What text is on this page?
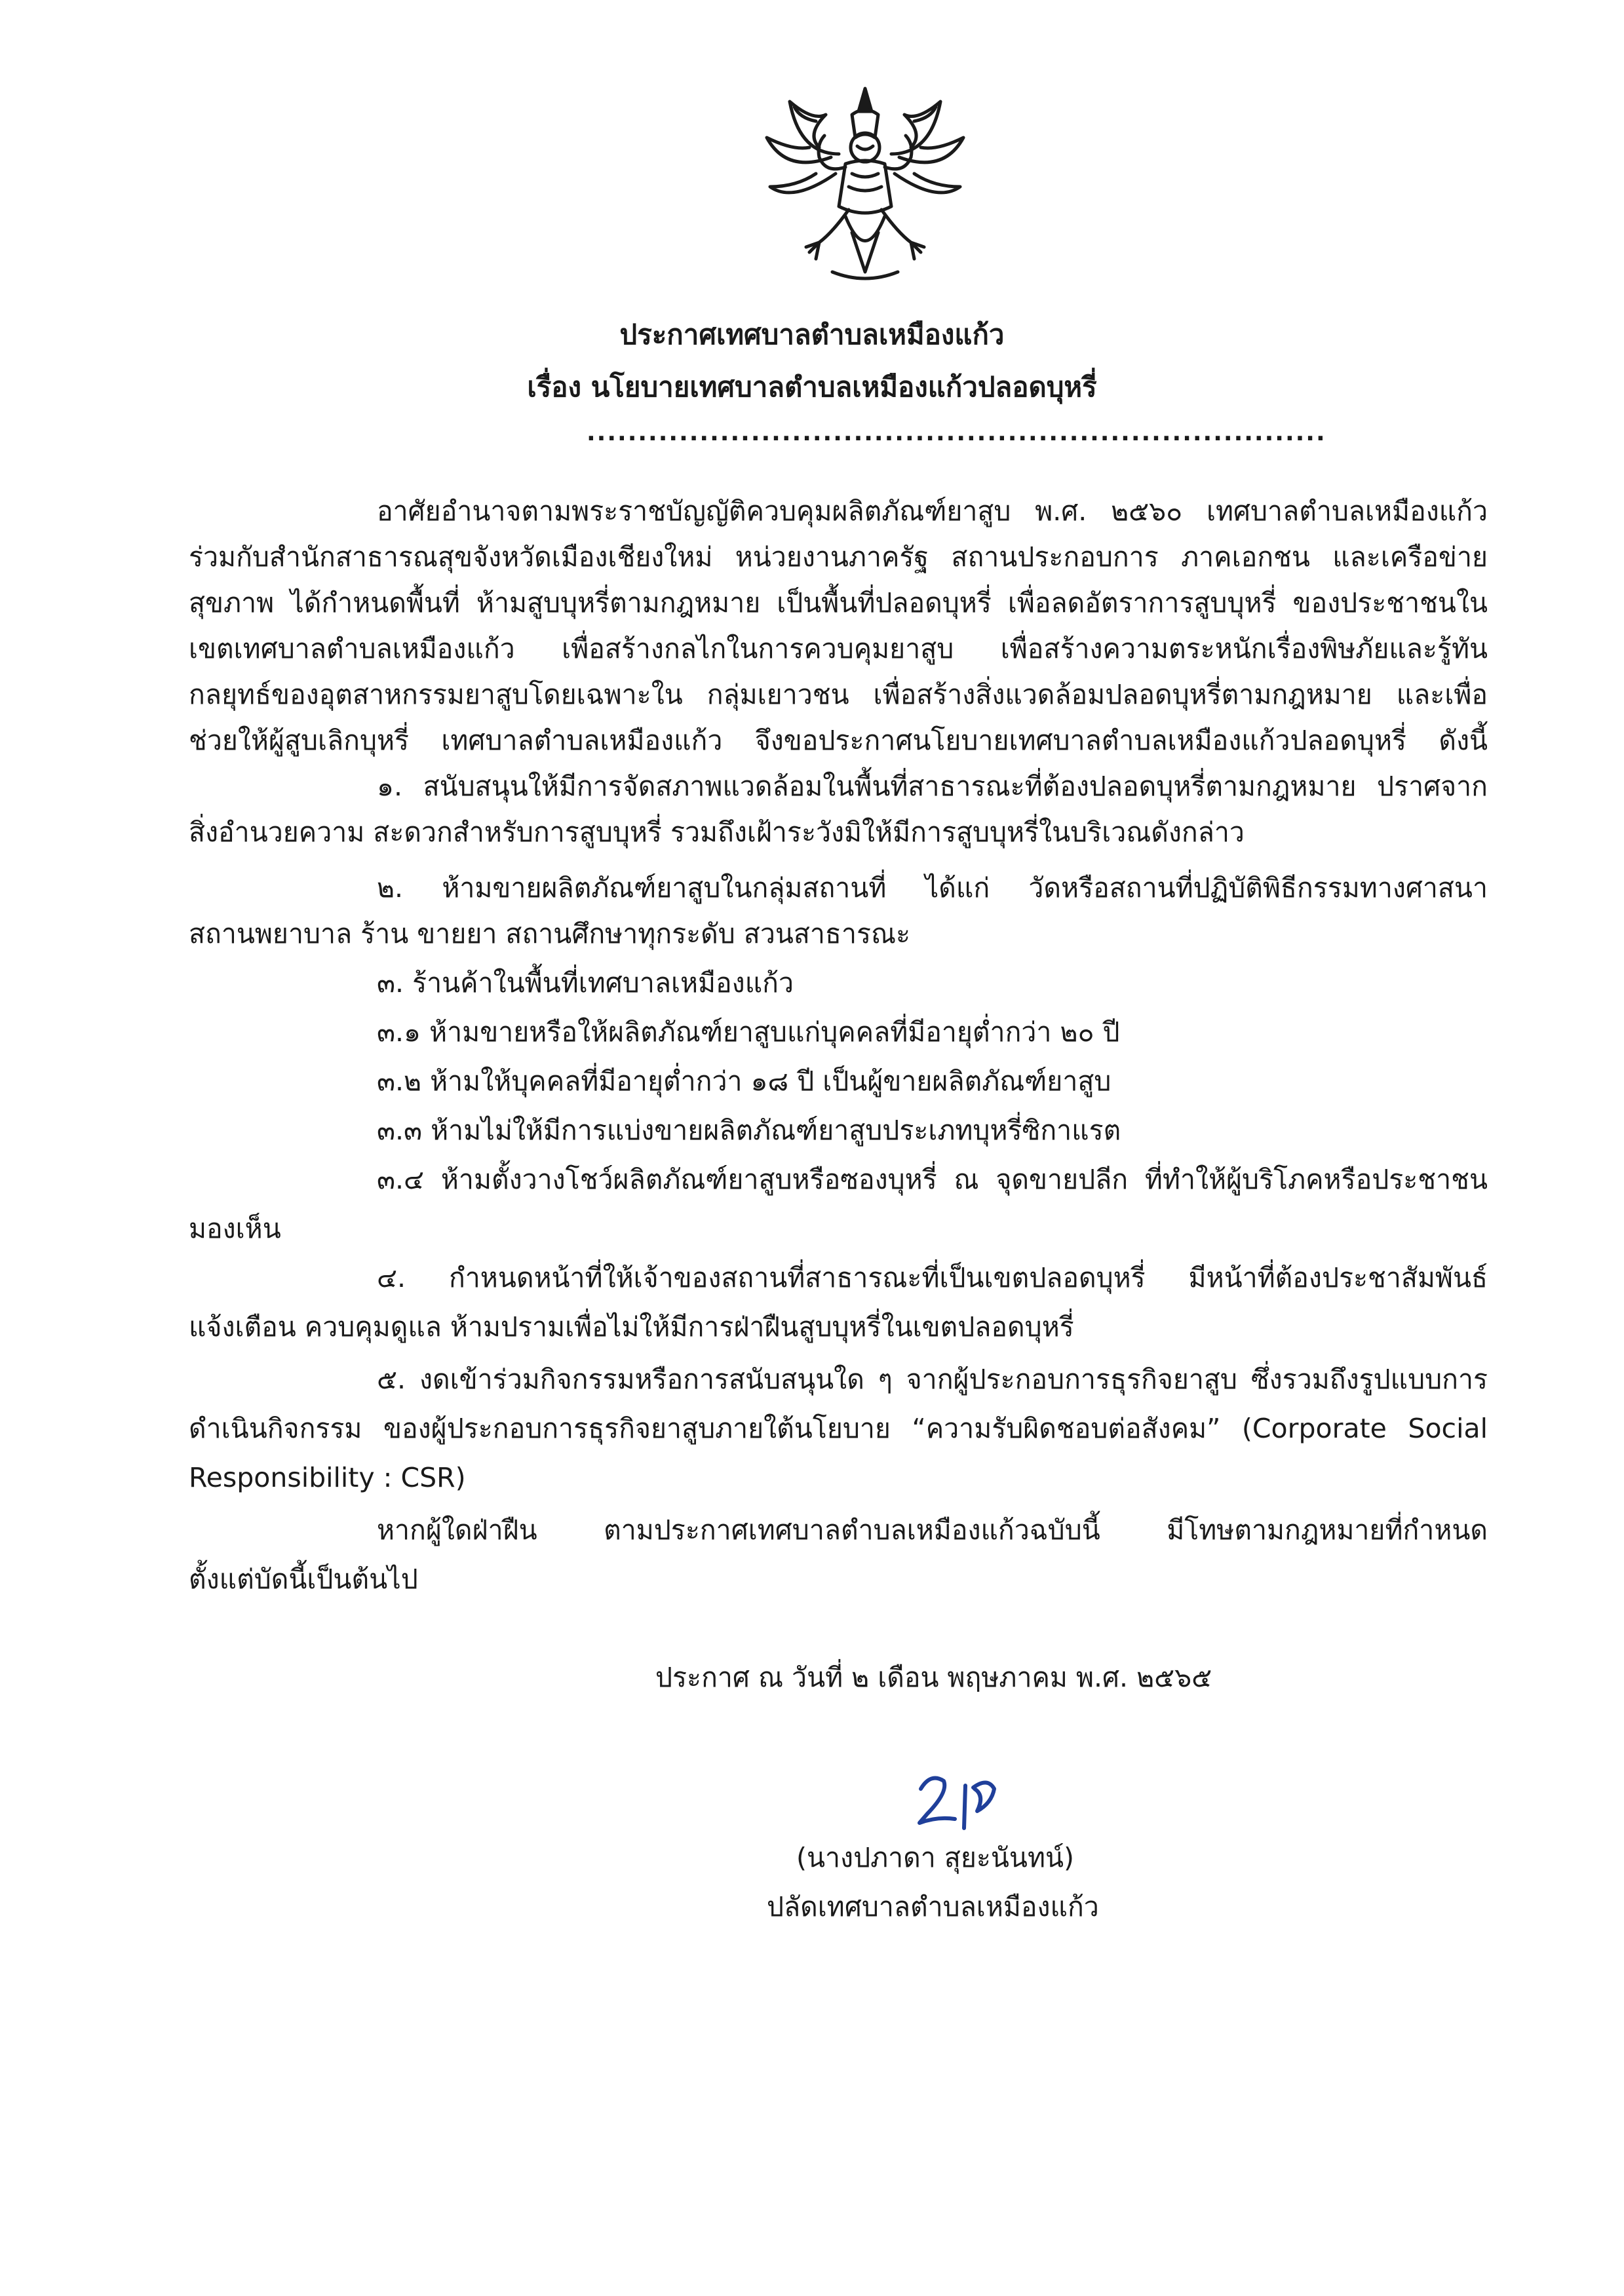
ประกาศเทศบาลตำบลเหมืองแก้ว
เรื่อง นโยบายเทศบาลตำบลเหมืองแก้วปลอดบุหรี่
........................................................................
อาศัยอำนาจตามพระราชบัญญัติควบคุมผลิตภัณฑ์ยาสูบ พ.ศ. ๒๕๖๐ เทศบาลตำบลเหมืองแก้ว
ร่วมกับสำนักสาธารณสุขจังหวัดเมืองเชียงใหม่ หน่วยงานภาครัฐ สถานประกอบการ ภาคเอกชน และเครือข่าย
สุขภาพ ได้กำหนดพื้นที่ ห้ามสูบบุหรี่ตามกฎหมาย เป็นพื้นที่ปลอดบุหรี่ เพื่อลดอัตราการสูบบุหรี่ ของประชาชนใน
เขตเทศบาลตำบลเหมืองแก้ว เพื่อสร้างกลไกในการควบคุมยาสูบ เพื่อสร้างความตระหนักเรื่องพิษภัยและรู้ทัน
กลยุทธ์ของอุตสาหกรรมยาสูบโดยเฉพาะใน กลุ่มเยาวชน เพื่อสร้างสิ่งแวดล้อมปลอดบุหรี่ตามกฎหมาย และเพื่อ
ช่วยให้ผู้สูบเลิกบุหรี่ เทศบาลตำบลเหมืองแก้ว จึงขอประกาศนโยบายเทศบาลตำบลเหมืองแก้วปลอดบุหรี่ ดังนี้
๑. สนับสนุนให้มีการจัดสภาพแวดล้อมในพื้นที่สาธารณะที่ต้องปลอดบุหรี่ตามกฎหมาย ปราศจาก
สิ่งอำนวยความ สะดวกสำหรับการสูบบุหรี่ รวมถึงเฝ้าระวังมิให้มีการสูบบุหรี่ในบริเวณดังกล่าว
๒. ห้ามขายผลิตภัณฑ์ยาสูบในกลุ่มสถานที่ ได้แก่ วัดหรือสถานที่ปฏิบัติพิธีกรรมทางศาสนา
สถานพยาบาล ร้าน ขายยา สถานศึกษาทุกระดับ สวนสาธารณะ
๓. ร้านค้าในพื้นที่เทศบาลเหมืองแก้ว
๓.๑ ห้ามขายหรือให้ผลิตภัณฑ์ยาสูบแก่บุคคลที่มีอายุต่ำกว่า ๒๐ ปี
๓.๒ ห้ามให้บุคคลที่มีอายุต่ำกว่า ๑๘ ปี เป็นผู้ขายผลิตภัณฑ์ยาสูบ
๓.๓ ห้ามไม่ให้มีการแบ่งขายผลิตภัณฑ์ยาสูบประเภทบุหรี่ซิกาแรต
๓.๔ ห้ามตั้งวางโชว์ผลิตภัณฑ์ยาสูบหรือซองบุหรี่ ณ จุดขายปลีก ที่ทำให้ผู้บริโภคหรือประชาชน
มองเห็น
๔. กำหนดหน้าที่ให้เจ้าของสถานที่สาธารณะที่เป็นเขตปลอดบุหรี่ มีหน้าที่ต้องประชาสัมพันธ์
แจ้งเตือน ควบคุมดูแล ห้ามปรามเพื่อไม่ให้มีการฝ่าฝืนสูบบุหรี่ในเขตปลอดบุหรี่
๕. งดเข้าร่วมกิจกรรมหรือการสนับสนุนใด ๆ จากผู้ประกอบการธุรกิจยาสูบ ซึ่งรวมถึงรูปแบบการ
ดำเนินกิจกรรม ของผู้ประกอบการธุรกิจยาสูบภายใต้นโยบาย “ความรับผิดชอบต่อสังคม” (Corporate Social
Responsibility : CSR)
หากผู้ใดฝ่าฝืน ตามประกาศเทศบาลตำบลเหมืองแก้วฉบับนี้ มีโทษตามกฎหมายที่กำหนด
ตั้งแต่บัดนี้เป็นต้นไป
ประกาศ ณ วันที่ ๒ เดือน พฤษภาคม พ.ศ. ๒๕๖๕
(นางปภาดา สุยะนันทน์)
ปลัดเทศบาลตำบลเหมืองแก้ว
